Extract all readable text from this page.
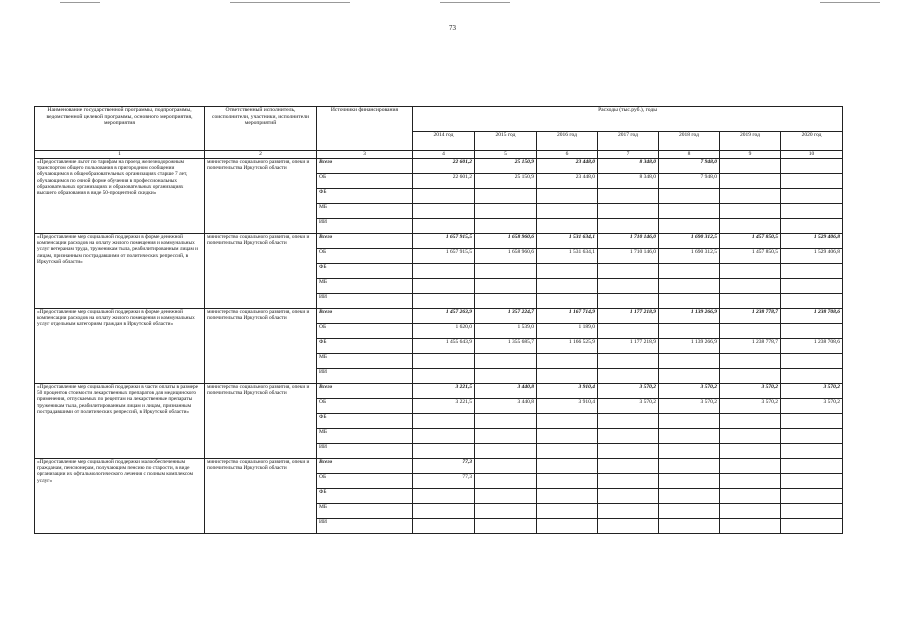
73
Наименование государственной программы, подпрограммы, ведомственной целевой программы, основного мероприятия, мероприятия	Ответственный исполнитель, соисполнители, участники, исполнители мероприятий	Источники финансирования	Расходы (тыс.руб.), годы						
			2014 год	2015 год	2016 год	2017 год	2018 год	2019 год	2020 год
1	2	3	4	5	6	7	8	9	10
«Предоставление льгот по тарифам на проезд железнодорожным транспортом общего пользования в пригородном сообщении обучающимся в общеобразовательных организациях старше 7 лет, обучающимся по очной форме обучения в профессиональных образовательных организациях и образовательных организациях высшего образования в виде 50-процентной скидки»	министерство социального развития, опеки и попечительства Иркутской области	Всего	22 601,2	25 150,9	23 448,0	8 348,0	7 948,0		
		ОБ	22 601,2	25 150,9	23 448,0	8 348,0	7 948,0		
		ФБ							
		МБ							
		ИИ							
«Предоставление мер социальной поддержки в форме денежной компенсации расходов на оплату жилого помещения и коммунальных услуг ветеранам труда, труженикам тыла, реабилитированным лицам и лицам, признанным пострадавшими от политических репрессий, в Иркутской области»	министерство социального развития, опеки и попечительства Иркутской области	Всего	1 657 915,5	1 658 960,6	1 531 634,1	1 710 146,0	1 690 312,5	1 457 850,5	1 529 406,8
		ОБ	1 657 915,5	1 658 960,6	1 531 634,1	1 710 146,0	1 690 312,5	1 457 850,5	1 529 406,8
		ФБ							
		МБ							
		ИИ							
«Предоставление мер социальной поддержки в форме денежной компенсации расходов на оплату жилого помещения и коммунальных услуг отдельным категориям граждан в Иркутской области»	министерство социального развития, опеки и попечительства Иркутской области	Всего	1 457 263,9	1 357 224,7	1 167 714,9	1 177 218,9	1 139 266,9	1 238 778,7	1 238 708,6
		ОБ	1 620,0	1 539,0	1 189,0				
		ФБ	1 455 643,9	1 355 685,7	1 166 525,9	1 177 218,9	1 139 266,9	1 238 778,7	1 238 708,6
		МБ							
		ИИ							
«Предоставление мер социальной поддержки в части оплаты в размере 50 процентов стоимости лекарственных препаратов для медицинского применения, отпускаемых по рецептам на лекарственные препараты труженикам тыла, реабилитированным лицам и лицам, признанным пострадавшими от политических репрессий, в Иркутской области»	министерство социального развития, опеки и попечительства Иркутской области	Всего	3 221,5	3 440,8	3 910,4	3 570,2	3 570,2	3 570,2	3 570,2
		ОБ	3 221,5	3 440,8	3 910,4	3 570,2	3 570,2	3 570,2	3 570,2
		ФБ							
		МБ							
		ИИ							
«Предоставление мер социальной поддержки малообеспеченным гражданам, пенсионерам, получающим пенсию по старости, в виде организации их офтальмологического лечения с полным комплексом услуг»	министерство социального развития, опеки и попечительства Иркутской области	Всего	77,3						
		ОБ	77,3						
		ФБ							
		МБ							
		ИИ							
